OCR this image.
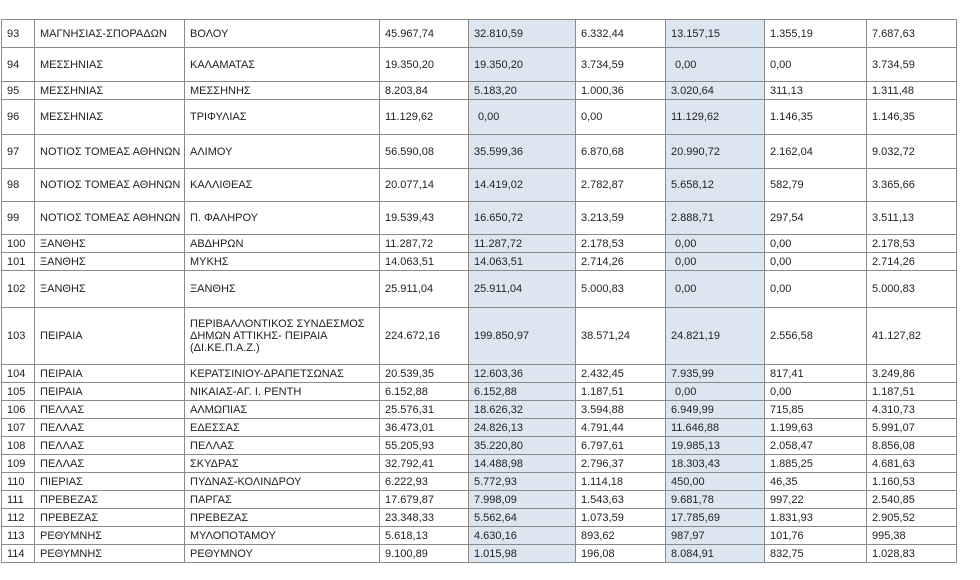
93	ΜΑΓΝΗΣΙΑΣ-ΣΠΟΡΑΔΩΝ	ΒΟΛΟΥ	45.967,74	32.810,59	6.332,44	13.157,15	1.355,19	7.687,63
94	ΜΕΣΣΗΝΙΑΣ	ΚΑΛΑΜΑΤΑΣ	19.350,20	19.350,20	3.734,59	0,00	0,00	3.734,59
95	ΜΕΣΣΗΝΙΑΣ	ΜΕΣΣΗΝΗΣ	8.203,84	5.183,20	1.000,36	3.020,64	311,13	1.311,48
96	ΜΕΣΣΗΝΙΑΣ	ΤΡΙΦΥΛΙΑΣ	11.129,62	0,00	0,00	11.129,62	1.146,35	1.146,35
97	ΝΟΤΙΟΣ ΤΟΜΕΑΣ ΑΘΗΝΩΝ	ΑΛΙΜΟΥ	56.590,08	35.599,36	6.870,68	20.990,72	2.162,04	9.032,72
98	ΝΟΤΙΟΣ ΤΟΜΕΑΣ ΑΘΗΝΩΝ	ΚΑΛΛΙΘΕΑΣ	20.077,14	14.419,02	2.782,87	5.658,12	582,79	3.365,66
99	ΝΟΤΙΟΣ ΤΟΜΕΑΣ ΑΘΗΝΩΝ	Π. ΦΑΛΗΡΟΥ	19.539,43	16.650,72	3.213,59	2.888,71	297,54	3.511,13
100	ΞΑΝΘΗΣ	ΑΒΔΗΡΩΝ	11.287,72	11.287,72	2.178,53	0,00	0,00	2.178,53
101	ΞΑΝΘΗΣ	ΜΥΚΗΣ	14.063,51	14.063,51	2.714,26	0,00	0,00	2.714,26
102	ΞΑΝΘΗΣ	ΞΑΝΘΗΣ	25.911,04	25.911,04	5.000,83	0,00	0,00	5.000,83
103	ΠΕΙΡΑΙΑ	ΠΕΡΙΒΑΛΛΟΝΤΙΚΟΣ ΣΥΝΔΕΣΜΟΣ ΔΗΜΩΝ ΑΤΤΙΚΗΣ- ΠΕΙΡΑΙΑ (ΔΙ.ΚΕ.Π.Α.Ζ.)	224.672,16	199.850,97	38.571,24	24.821,19	2.556,58	41.127,82
104	ΠΕΙΡΑΙΑ	ΚΕΡΑΤΣΙΝΙΟΥ-ΔΡΑΠΕΤΣΩΝΑΣ	20.539,35	12.603,36	2.432,45	7.935,99	817,41	3.249,86
105	ΠΕΙΡΑΙΑ	ΝΙΚΑΙΑΣ-ΑΓ. Ι. ΡΕΝΤΗ	6.152,88	6.152,88	1.187,51	0,00	0,00	1.187,51
106	ΠΕΛΛΑΣ	ΑΛΜΩΠΙΑΣ	25.576,31	18.626,32	3.594,88	6.949,99	715,85	4.310,73
107	ΠΕΛΛΑΣ	ΕΔΕΣΣΑΣ	36.473,01	24.826,13	4.791,44	11.646,88	1.199,63	5.991,07
108	ΠΕΛΛΑΣ	ΠΕΛΛΑΣ	55.205,93	35.220,80	6.797,61	19.985,13	2.058,47	8.856,08
109	ΠΕΛΛΑΣ	ΣΚΥΔΡΑΣ	32.792,41	14.488,98	2.796,37	18.303,43	1.885,25	4.681,63
110	ΠΙΕΡΙΑΣ	ΠΥΔΝΑΣ-ΚΟΛΙΝΔΡΟΥ	6.222,93	5.772,93	1.114,18	450,00	46,35	1.160,53
111	ΠΡΕΒΕΖΑΣ	ΠΑΡΓΑΣ	17.679,87	7.998,09	1.543,63	9.681,78	997,22	2.540,85
112	ΠΡΕΒΕΖΑΣ	ΠΡΕΒΕΖΑΣ	23.348,33	5.562,64	1.073,59	17.785,69	1.831,93	2.905,52
113	ΡΕΘΥΜΝΗΣ	ΜΥΛΟΠΟΤΑΜΟΥ	5.618,13	4.630,16	893,62	987,97	101,76	995,38
114	ΡΕΘΥΜΝΗΣ	ΡΕΘΥΜΝΟΥ	9.100,89	1.015,98	196,08	8.084,91	832,75	1.028,83
